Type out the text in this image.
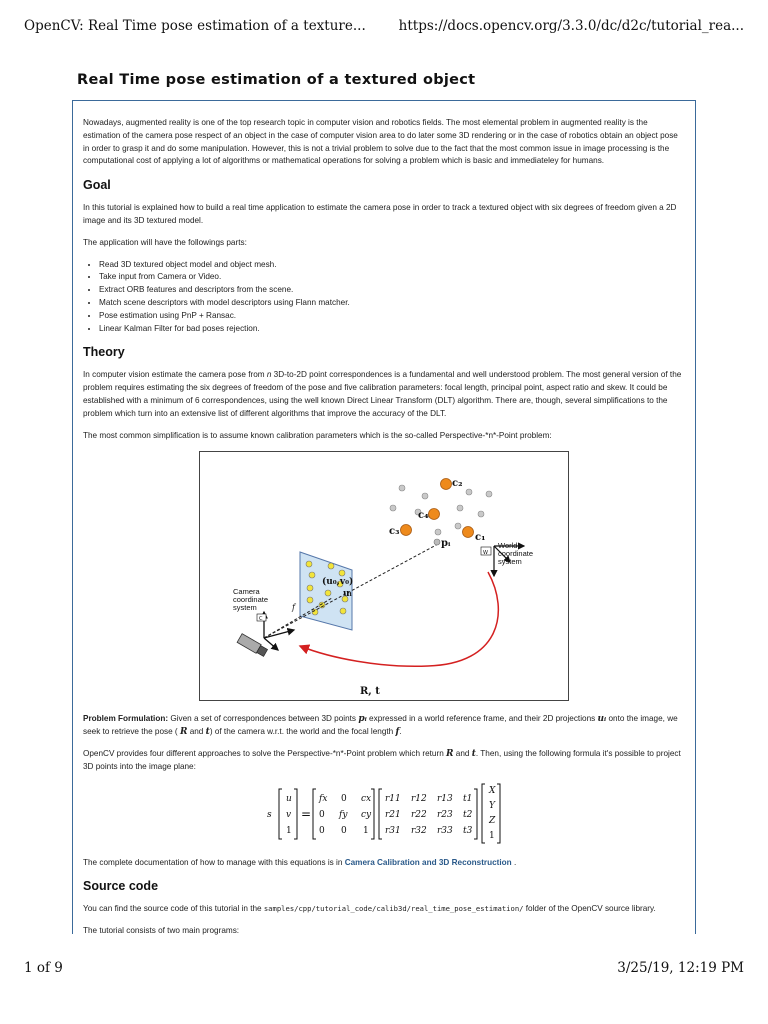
OpenCV: Real Time pose estimation of a texture... https://docs.opencv.org/3.3.0/dc/d2c/tutorial_rea...
Real Time pose estimation of a textured object

Nowadays, augmented reality is one of the top research topic in computer vision and robotics fields. The most elemental problem in augmented reality is the estimation of the camera pose respect of an object in the case of computer vision area to do later some 3D rendering or in the case of robotics obtain an object pose in order to grasp it and do some manipulation. However, this is not a trivial problem to solve due to the fact that the most common issue in image processing is the computational cost of applying a lot of algorithms or mathematical operations for solving a problem which is basic and immediateley for humans.

Goal

In this tutorial is explained how to build a real time application to estimate the camera pose in order to track a textured object with six degrees of freedom given a 2D image and its 3D textured model.

The application will have the followings parts:

• Read 3D textured object model and object mesh.
• Take input from Camera or Video.
• Extract ORB features and descriptors from the scene.
• Match scene descriptors with model descriptors using Flann matcher.
• Pose estimation using PnP + Ransac.
• Linear Kalman Filter for bad poses rejection.
Theory

In computer vision estimate the camera pose from n 3D-to-2D point correspondences is a fundamental and well understood problem. The most general version of the problem requires estimating the six degrees of freedom of the pose and five calibration parameters: focal length, principal point, aspect ratio and skew. It could be established with a minimum of 6 correspondences, using the well known Direct Linear Transform (DLT) algorithm. There are, though, several simplifications to the problem which turn into an extensive list of different algorithms that improve the accuracy of the DLT.

The most common simplification is to assume known calibration parameters which is the so-called Perspective-*n*-Point problem:

c₂
c₄
c₃
c₁
pᵢ
R, t
(u₀,v₀)
uᵢ
f
W
World
coordinate
system
C
Camera
coordinate
system

Problem Formulation: Given a set of correspondences between 3D points pᵢ expressed in a world reference frame, and their 2D projections uᵢ onto the image, we seek to retrieve the pose ( R and t) of the camera w.r.t. the world and the focal length f.

OpenCV provides four different approaches to solve the Perspective-*n*-Point problem which return R and t. Then, using the following formula it's possible to project 3D points into the image plane:

s
u
v
1
=
fx 0 cx
0 fy cy
0 0 1
r11 r12 r13 t1
r21 r22 r23 t2
r31 r32 r33 t3
X
Y
Z
1

The complete documentation of how to manage with this equations is in Camera Calibration and 3D Reconstruction .

Source code

You can find the source code of this tutorial in the samples/cpp/tutorial_code/calib3d/real_time_pose_estimation/ folder of the OpenCV source library.

The tutorial consists of two main programs:

1 of 9	3/25/19, 12:19 PM
